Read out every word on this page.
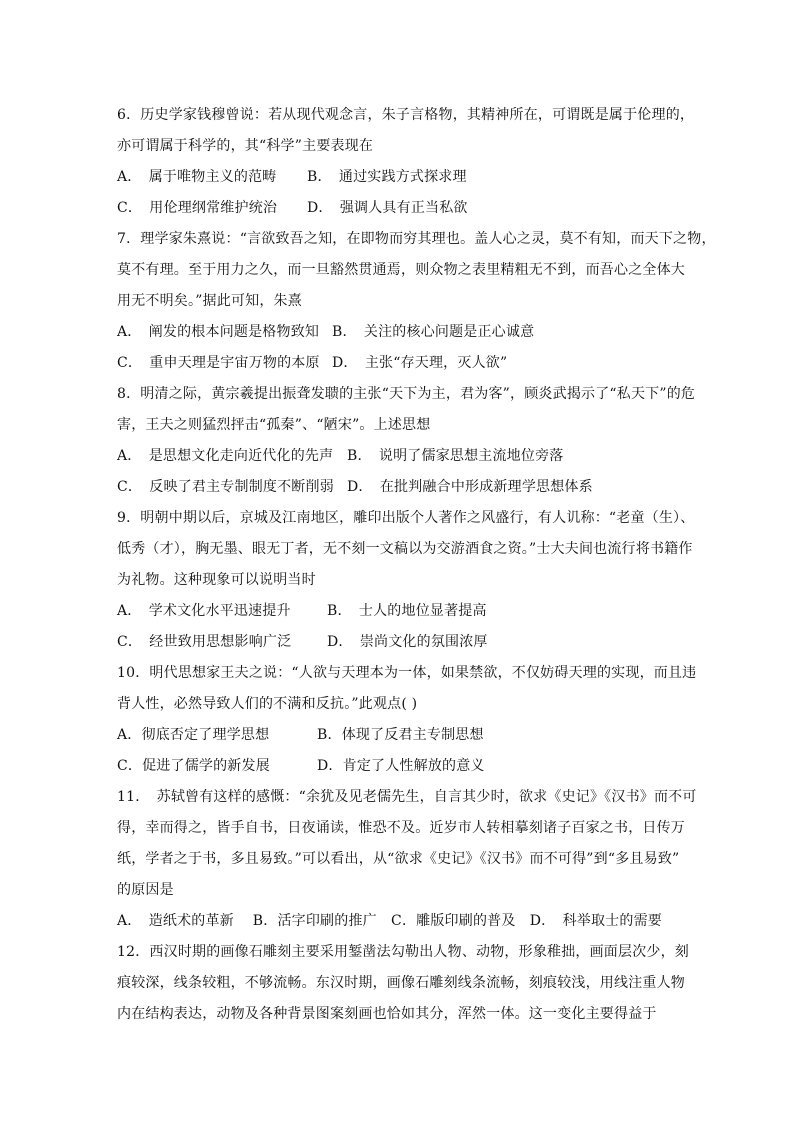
6．历史学家钱穆曾说：若从现代观念言，朱子言格物，其精神所在，可谓既是属于伦理的，
亦可谓属于科学的，其“科学”主要表现在
A．　属于唯物主义的范畴 B．　通过实践方式探求理
C．　用伦理纲常维护统治 D．　强调人具有正当私欲
7．理学家朱熹说：“言欲致吾之知，在即物而穷其理也。盖人心之灵，莫不有知，而天下之物，
莫不有理。至于用力之久，而一旦豁然贯通焉，则众物之表里精粗无不到，而吾心之全体大
用无不明矣。”据此可知，朱熹
A．　阐发的根本问题是格物致知 B．　关注的核心问题是正心诚意
C．　重申天理是宇宙万物的本原 D．　主张“存天理，灭人欲”
8．明清之际，黄宗羲提出振聋发聩的主张“天下为主，君为客”，顾炎武揭示了“私天下”的危
害，王夫之则猛烈抨击“孤秦”、“陋宋”。上述思想
A．　是思想文化走向近代化的先声 B．　说明了儒家思想主流地位旁落
C．　反映了君主专制制度不断削弱 D．　在批判融合中形成新理学思想体系
9．明朝中期以后，京城及江南地区，雕印出版个人著作之风盛行，有人讥称：“老童（生）、
低秀（才），胸无墨、眼无丁者，无不刻一文稿以为交游酒食之资。”士大夫间也流行将书籍作
为礼物。这种现象可以说明当时
A．　学术文化水平迅速提升	B．　士人的地位显著提高
C．　经世致用思想影响广泛	D．　崇尚文化的氛围浓厚
10．明代思想家王夫之说：“人欲与天理本为一体，如果禁欲，不仅妨碍天理的实现，而且违
背人性，必然导致人们的不满和反抗。”此观点( )
A．彻底否定了理学思想	B．体现了反君主专制思想
C．促进了儒学的新发展	D．肯定了人性解放的意义
11．　苏轼曾有这样的感慨：“余犹及见老儒先生，自言其少时，欲求《史记》《汉书》而不可
得，幸而得之，皆手自书，日夜诵读，惟恐不及。近岁市人转相摹刻诸子百家之书，日传万
纸，学者之于书，多且易致。”可以看出，从“欲求《史记》《汉书》而不可得”到“多且易致”
的原因是
A．　造纸术的革新　 B．活字印刷的推广　C．雕版印刷的普及　D．　科举取士的需要
12．西汉时期的画像石雕刻主要采用錾凿法勾勒出人物、动物，形象稚拙，画面层次少，刻
痕较深，线条较粗，不够流畅。东汉时期，画像石雕刻线条流畅，刻痕较浅，用线注重人物
内在结构表达，动物及各种背景图案刻画也恰如其分，浑然一体。这一变化主要得益于
